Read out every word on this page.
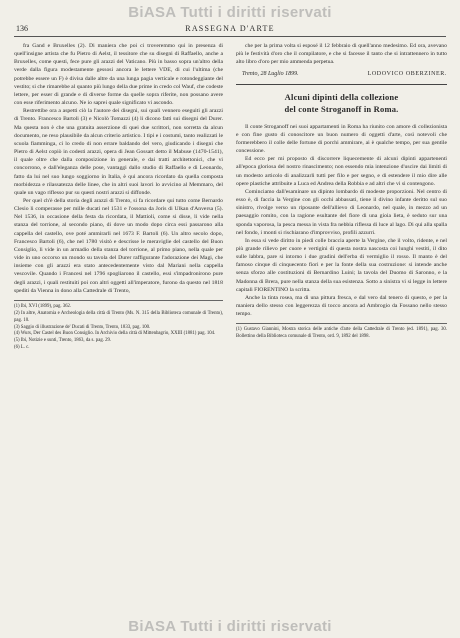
BiASA Tutti i diritti riservati
136	RASSEGNA D'ARTE

fra Gand e Bruxelles (2). Di maniera che poi ci troveremmo qui in presenza di quell'insigne artista che fu Pietro di Aelst, il tessitore che su disegni di Raffaello, anche a Bruxelles, come questi, fece pure gli arazzi del Vaticano. Più in basso sopra un'altro della verde dalla figura modestamente gessosi ancora le lettere VDE, di cui l'ultima (che potrebbe essere un F) è divisa dalle altre da una lunga pagia verticale e rotondeggiante del vestito; si che rimarebbe al quanto più lungo della due prime in credo col Wauf, che codeste lettere, per esser di grande e di diverse forme da quelle sopra riferite, non possano avere con esse riferimento alcuno. Ne io saprei quale significato vi ascondo.

Restrettibe ora a aspetti ciò la l'autore dei disegni, sui quali vennero eseguiti gli arazzi di Trento. Francesco Bartoli (3) e Nicolò Tomazzi (4) li dicono fatti sui disegni del Durer. Ma questa non è che una gratuita asserzione di quei due scrittori, non sorretta da alcun documento, ne reso plausibile da alcun criterio artistico. I tipi e i costumi, tanto realizzati le scuola fiamminga, ci lo credo di non errare baldando del vero, giudicando i disegni che Pietro di Aelst copiò in codesti arazzi, opera di Jean Gossart detto il Mabuse (1470-1541), il quale oltre che dalla composizione in generale, e dai tratti architettonici, che vi concorrono, e dall'eleganza delle pose, vantaggi dallo studio di Raffaello e di Leonardo, fatto da lui nel suo lungo soggiorno in Italia, è qui ancora ricordato da quella composta morbidezza e rilassatezza delle linee, che in altri suoi lavori lo avvicino al Memmaro, del quale un vago riflesso pur su questi nostri arazzi si diffonde.

Per quel ch'è della storia degli arazzi di Trento, si fa ricordare qui tutto come Bernardo Clesio li comperasse per mille ducati nel 1531 e l'ossona da Joris di Ulkan d'Anversa (5). Nel 1536, in occasione della festa da ricordata, il Mattioli, come si disse, li vide nella stanza del torrione, al secondo piano, di dove un modo dopo circa essi passarono alla cappella del castello, ove poté ammirarli nel 1673 F. Bartoli (6). Un altro secolo dopo, Francesco Bartoli (6), che nel 1780 visitò e descrisse le meraviglie del castello del Buon Consiglio, li vide in un armadio della stanza del torrione, al primo piano, nella quale per vide in uno occorso un mondo su tavola del Durer raffigurante l'adorazione dei Magi, che insieme con gli arazzi era stato antecedentemente visto dal Mariani nella cappella vescovile. Quando i Francesi nel 1796 spogliarono il castello, essi s'impadronirono pure degli arazzi, i quali restituiti poi con altri oggetti all'imperatore, furono da questo nel 1818 spediti da Vienna in dono alla Cattedrale di Trento,

(1) Ibi, XVI (1899), pag. 362.
(2) In altre, Anatomia e Archeologia della città di Trento (Ms. N. 315 della Biblioteca comunale di Trento), pag. 10.
(3) Saggio di illustrazione de' Ducati di Trento, Trento, 1833, pag. 100.
(4) Wurs, Der Castel des Buon Consiglio. In Archivio della città di Mittenbagrio, XXIII (1881) pag. 104.
(5) Ibi, Notizie e sunti, Trento, 1863, da s. pag. 29.
(6) L. c.

che per la prima volta si esposé il 12 febbraio di quell'anno medesimo. Ed ora, avevano più le festività d'oro che il compilatore, e che si facesse il tanto che si intrattennero in tutto alto libro d'oro per mio ammenda perpetua.

Trento, 28 Luglio 1899.	LODOVICO OBERZINER.
Alcuni dipinti della collezione
del conte Stroganoff in Roma.

Il conte Stroganoff nei suoi appartamenti in Roma ha riunito con amore di collezionista e con fine gusto di conoscitore un buon numero di oggetti d'arte, così notevoli che formerebbero il colle delle fortune di porchi ammirare, ai è qualche tempo, per sua gentile concessione.

Ed ecco per mi proposto di discorrere liquecemente di alcuni dipinti appartenenti all'epoca gloriosa del nostro rinascimento; non essendo mia intenzione d'uscire dai limiti di un modesto articolo di analizzarli tutti per filo e per segno, e di estendere il mio dire alle opere plastiche attribuite a Luca ed Andrea della Robbia e ad altri che vi si contengono.

Cominciamo dall'esaminare un dipinto lombardo di modeste proporzioni. Nel centro di esso è, di faccia la Vergine con gli occhi abbassati, tiene il divino infante deritto sul suo sinistro, rivolge verso un riposante dell'allievo di Leonardo, nel quale, in mezzo ad un paesaggio romito, con la ragione esultante del fiore di una gioia lieta, è seduto sur una sponda vaporosa, la pesca messa in vista fra nebbia riflessa di luce al lago. Di qui alla spalla nel fondo, i monti si rischiarano d'improvviso, profili azzurri.

In essa si vede diritto in piedi colle braccia aperte la Vergine, che il volto, ridente, e nel più grande rilievo per cuore e vertigini di questa nostra nascosta coi lunghi vestiti, il dito sulle labbra, pare si intorno i due gradini dell'erba di vermiglio il rosso. Il manto è del famoso cinque di cinquecento fiori e per la fonte della sua costruzione: si intende anche senza sforzo alle costituzioni di Bernardino Luini; la tavola del Duomo di Saronno, e la Madonna di Brera, pure nella stanza della sua esistenza. Sotto a sinistra vi si legge in lettere capitali FIORENTINO la scritta.

Anche la tinta rosea, ma di una pittura fresca, e dal vero dal tenero di questo, e per la maniera dello stesso con leggerezza di tocco ancora ad Ambrogio da Fossano nello stesso tempo.

(1) Gustavo Giannini, Mostra storica delle antiche d'arte della Cattedrale di Trento (ed. 1891), pag. 30. Bollettino della Biblioteca comunale di Trento, ord. 9, 1892 del 1898.
BiASA Tutti i diritti riservati
